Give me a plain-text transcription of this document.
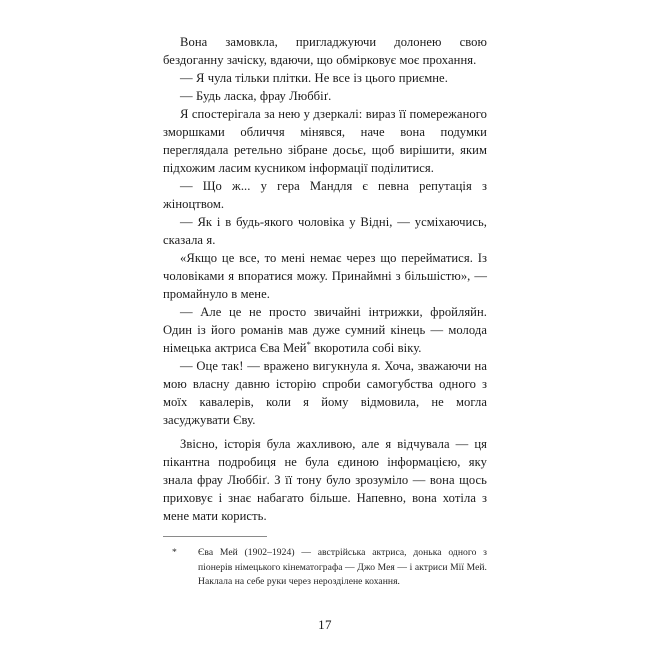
Вона замовкла, пригладжуючи долонею свою бездоганну зачіску, вдаючи, що обмірковує моє прохання.

— Я чула тільки плітки. Не все із цього приємне.

— Будь ласка, фрау Люббіґ.

Я спостерігала за нею у дзеркалі: вираз її помережаного зморшками обличчя мінявся, наче вона подумки переглядала ретельно зібране досьє, щоб вирішити, яким підхожим ласим кусником інформації поділитися.

— Що ж... у гера Мандля є певна репутація з жіноцтвом.

— Як і в будь-якого чоловіка у Відні, — усміхаючись, сказала я.

«Якщо це все, то мені немає через що перейматися. Із чоловіками я впоратися можу. Принаймні з більшістю», — промайнуло в мене.

— Але це не просто звичайні інтрижки, фройляйн. Один із його романів мав дуже сумний кінець — молода німецька актриса Єва Мей* вкоротила собі віку.

— Оце так! — вражено вигукнула я. Хоча, зважаючи на мою власну давню історію спроби самогубства одного з моїх кавалерів, коли я йому відмовила, не могла засуджувати Єву.

Звісно, історія була жахливою, але я відчувала — ця пікантна подробиця не була єдиною інформацією, яку знала фрау Люббіґ. З її тону було зрозуміло — вона щось приховує і знає набагато більше. Напевно, вона хотіла з мене мати користь.

* Єва Мей (1902–1924) — австрійська актриса, донька одного з піонерів німецького кінематографа — Джо Мея — і актриси Мії Мей. Наклала на себе руки через нерозділене кохання.
17
